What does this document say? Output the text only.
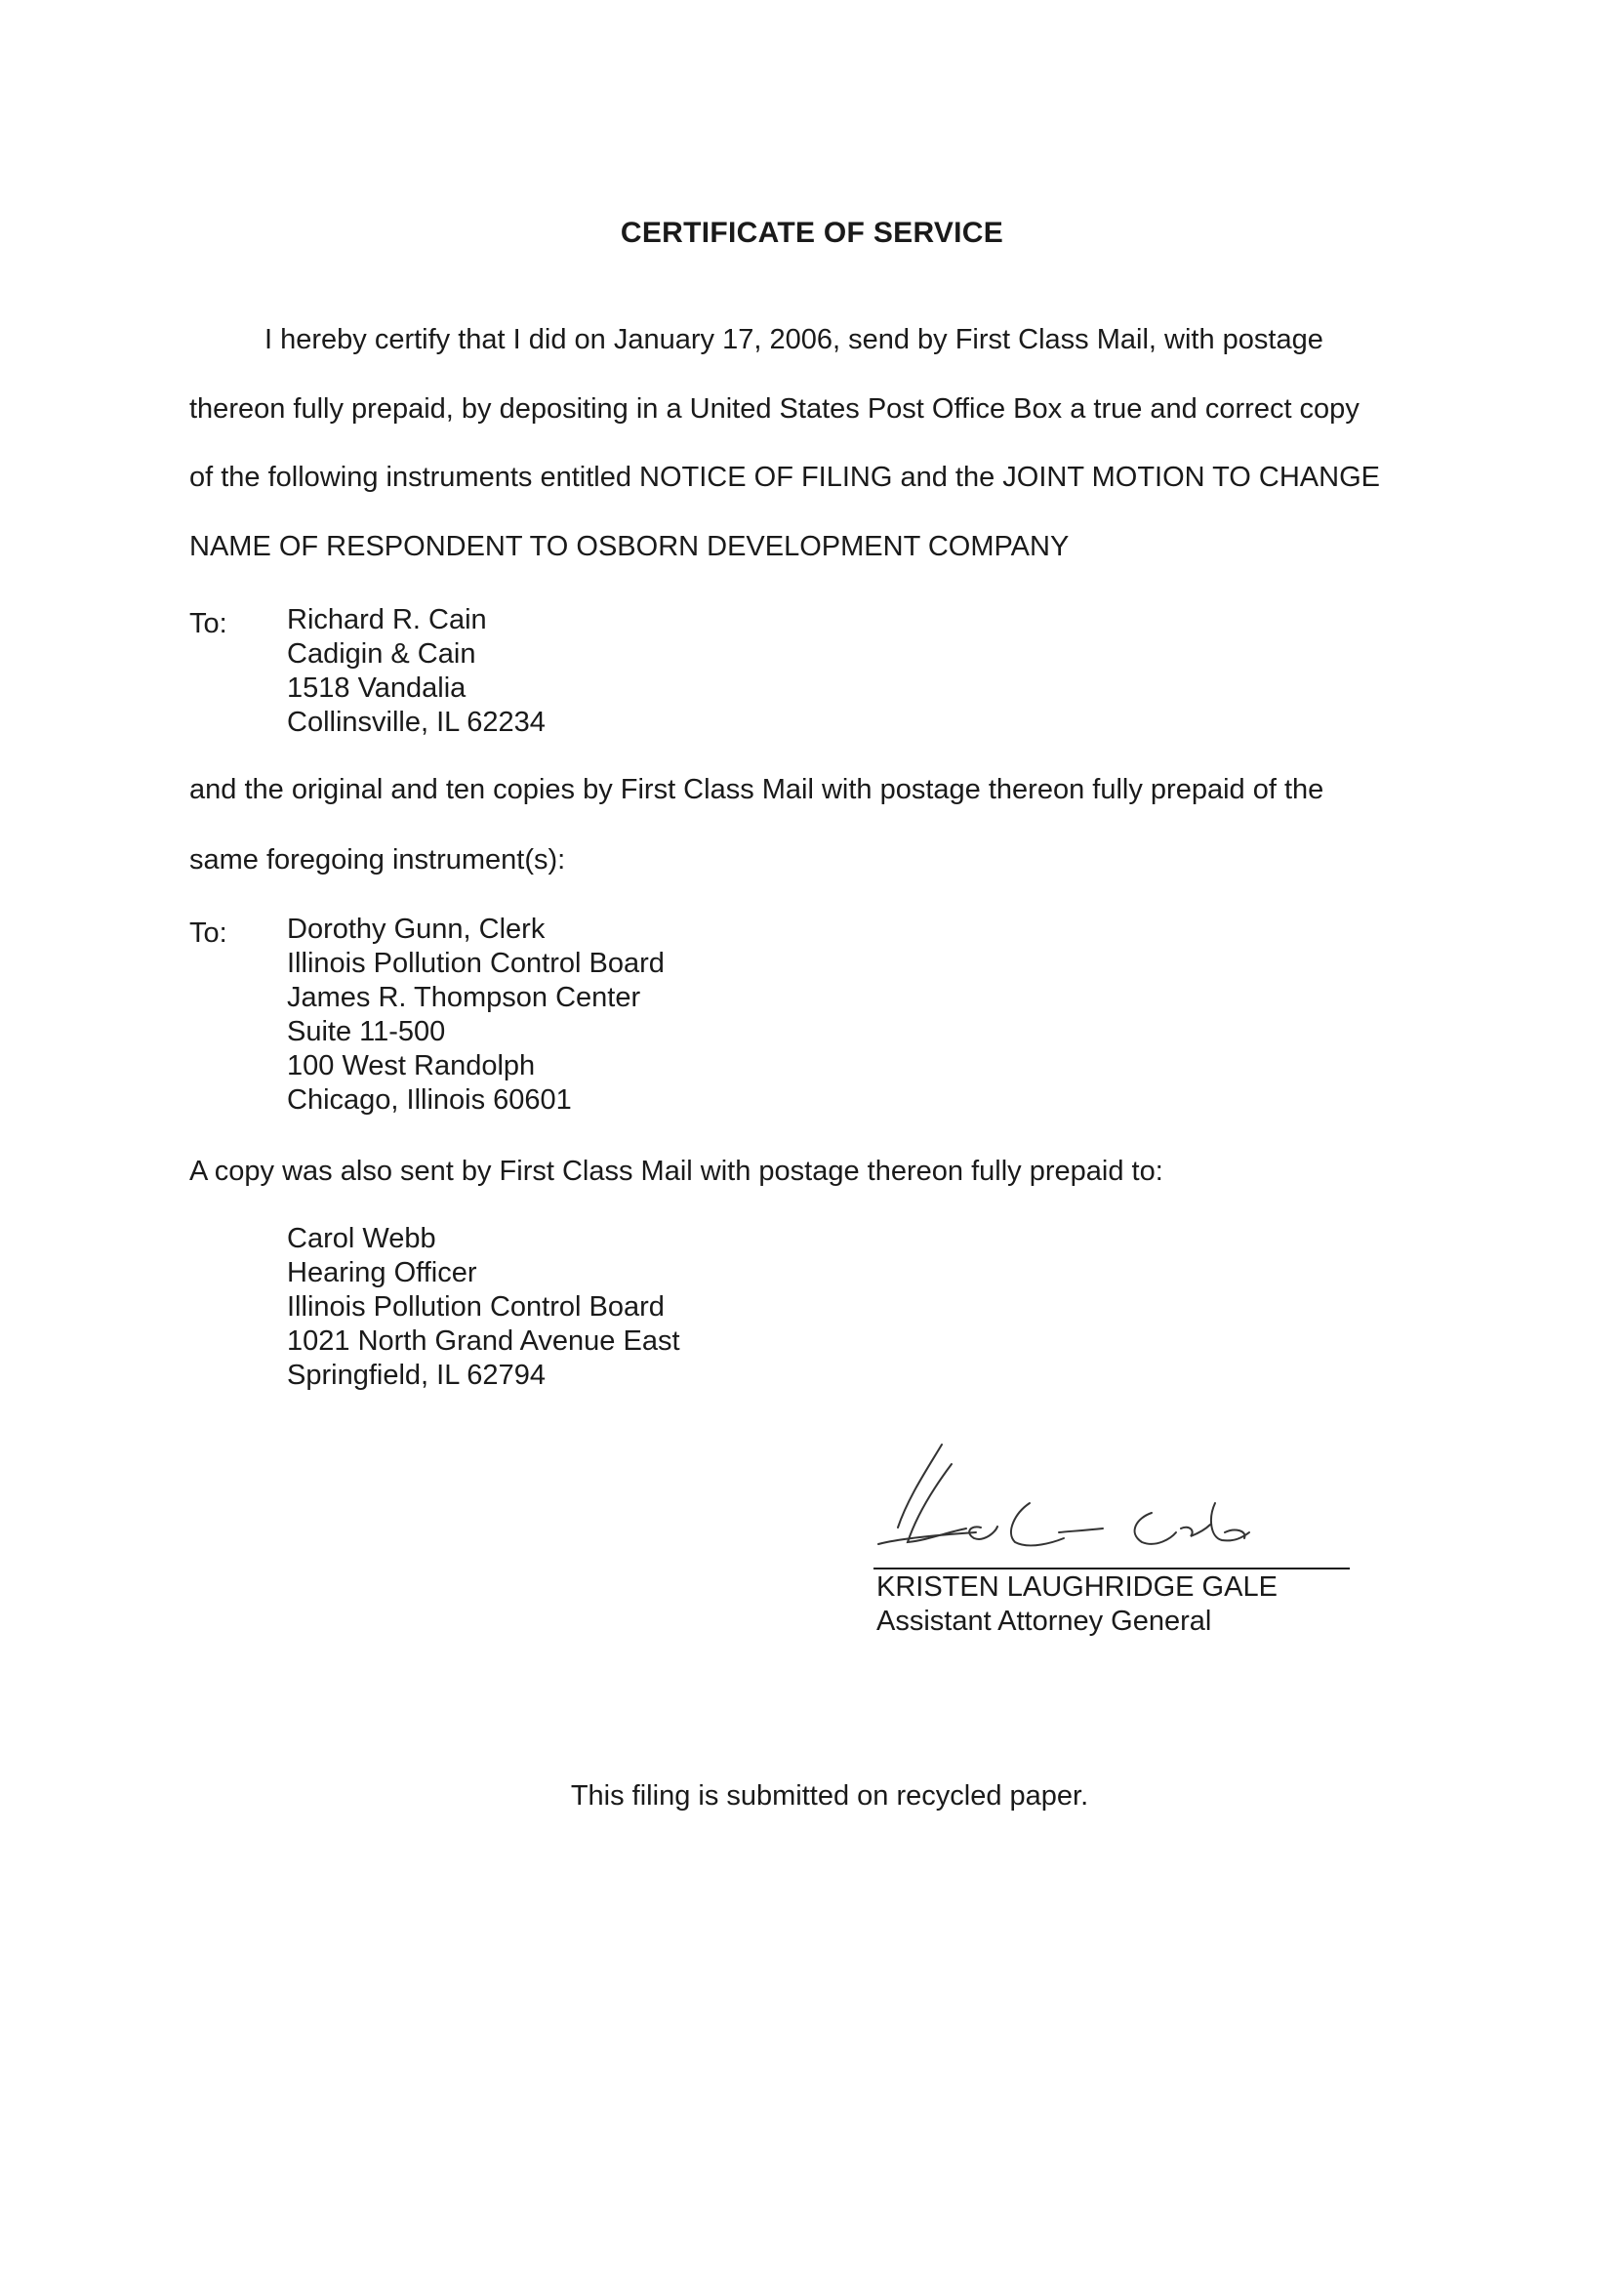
CERTIFICATE OF SERVICE
I hereby certify that I did on January 17, 2006, send by First Class Mail, with postage
thereon fully prepaid, by depositing in a United States Post Office Box a true and correct copy
of the following instruments entitled NOTICE OF FILING and the JOINT MOTION TO CHANGE
NAME OF RESPONDENT TO OSBORN DEVELOPMENT COMPANY
To: Richard R. Cain
Cadigin & Cain
1518 Vandalia
Collinsville, IL 62234
and the original and ten copies by First Class Mail with postage thereon fully prepaid of the
same foregoing instrument(s):
To: Dorothy Gunn, Clerk
Illinois Pollution Control Board
James R. Thompson Center
Suite 11-500
100 West Randolph
Chicago, Illinois 60601
A copy was also sent by First Class Mail with postage thereon fully prepaid to:
Carol Webb
Hearing Officer
Illinois Pollution Control Board
1021 North Grand Avenue East
Springfield, IL 62794
KRISTEN LAUGHRIDGE GALE
Assistant Attorney General
This filing is submitted on recycled paper.
